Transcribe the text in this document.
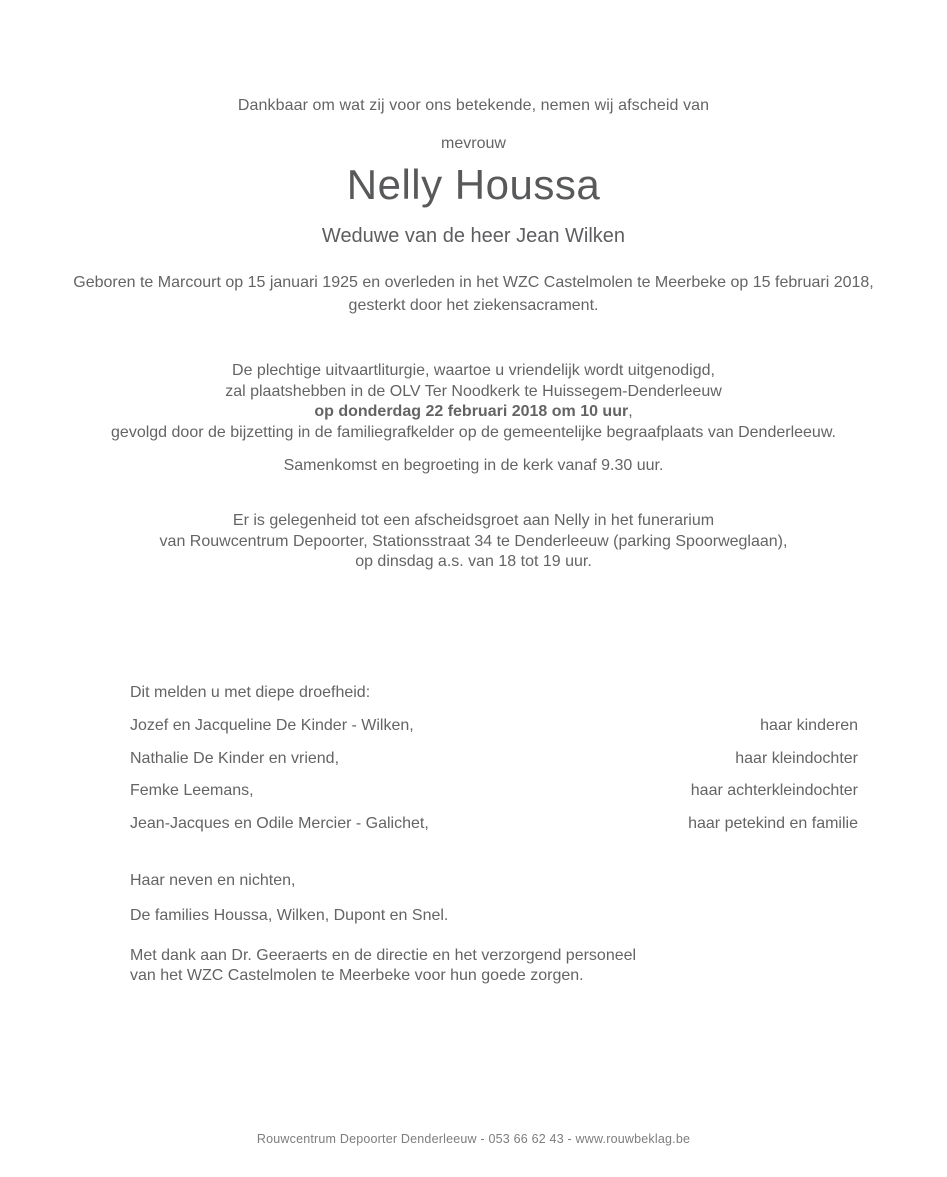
Dankbaar om wat zij voor ons betekende, nemen wij afscheid van
mevrouw
Nelly Houssa
Weduwe van de heer Jean Wilken
Geboren te Marcourt op 15 januari 1925 en overleden in het WZC Castelmolen te Meerbeke op 15 februari 2018,
gesterkt door het ziekensacrament.
De plechtige uitvaartliturgie, waartoe u vriendelijk wordt uitgenodigd,
zal plaatshebben in de OLV Ter Noodkerk te Huissegem-Denderleeuw
op donderdag 22 februari 2018 om 10 uur,
gevolgd door de bijzetting in de familiegrafkelder op de gemeentelijke begraafplaats van Denderleeuw.
Samenkomst en begroeting in de kerk vanaf 9.30 uur.
Er is gelegenheid tot een afscheidsgroet aan Nelly in het funerarium
van Rouwcentrum Depoorter, Stationsstraat 34 te Denderleeuw (parking Spoorweglaan),
op dinsdag a.s. van 18 tot 19 uur.
Dit melden u met diepe droefheid:
Jozef en Jacqueline De Kinder - Wilken,	haar kinderen
Nathalie De Kinder en vriend,	haar kleindochter
Femke Leemans,	haar achterkleindochter
Jean-Jacques en Odile Mercier - Galichet,	haar petekind en familie
Haar neven en nichten,
De families Houssa, Wilken, Dupont en Snel.
Met dank aan Dr. Geeraerts en de directie en het verzorgend personeel
van het WZC Castelmolen te Meerbeke voor hun goede zorgen.
Rouwcentrum Depoorter Denderleeuw - 053 66 62 43 - www.rouwbeklag.be
